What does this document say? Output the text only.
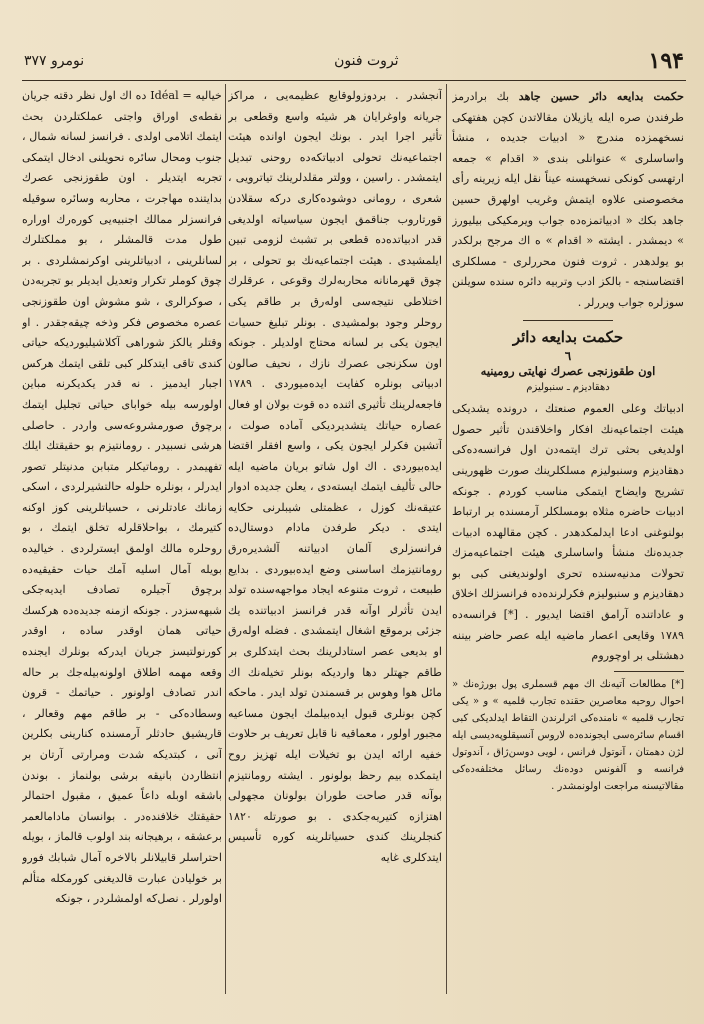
۱۹۴
ثروت فنون
نومرو ۳۷۷

حکمت بدایعه دائر حسین جاهد بك برادرمز طرفندن صره ایله یازیلان مقالاتدن کچن هفتهکی نسخهمزده مندرج « ادبیات جدیده ، منشأ واساسلری » عنوانلی بندی « اقدام » جمعه ارتهسی کونکی نسخهسنه عیناً نقل ایله زیرینه رأی مخصوصنی علاوه ایتمش وغریب اولهرق حسین جاهد بکك « ادبیاتمزه‌ده جواب ویرمکیکی بیلیورز » دیمشدر . ایشته « اقدام » ه اك مرجح برلکدر بو یولدهدر . ثروت فنون محررلری - مسلکلری اقتضاسنجه - بالکز ادب وتربیه دائره سنده سویلنن سوزلره جواب ویررلر .

حکمت بدایعه دائر
٦
اون طقوزنجی عصرك نهایتی رومینیه
دهقادیزم ـ سنبولیزم

ادبیاتك وعلی العموم صنعتك ، درونده یشدیکی هیئت اجتماعیه‌نك افکار واخلاقندن تأثیر حصول اولدیغی بحثی ترك ایتمه‌دن اول فرانسه‌ده‌کی دهقادیزم وسنبولیزم مسلکلرینك صورت ظهورینی تشریح وایضاح ایتمکی مناسب کوردم . جونکه ادبیات حاضره مثلاه بومسلکلر آرمسنده بر ارتباط بولنوغنی ادعا ایدلمکدهدر . کچن مقالهده ادبیات جدیده‌نك منشأ واساسلری هیئت اجتماعیه‌مزك تحولات مدنیه‌سنده تحری اولوندیغنی کبی بو دهقادیزم و سنبولیزم فکرلرنده‌ده فرانسزلك اخلاق و عاداتنده آرامق اقتضا ایدیور . [*] فرانسه‌ده ۱۷۸۹ وقایعی اعصار ماضیه ایله عصر حاضر بیننه دهشتلی بر اوچوروم

[*] مطالعات آتیه‌نك اك مهم قسملری پول بورژه‌نك « احوال روحیه معاصرین حقنده تجارب قلمیه » و « یکی تجارب قلمیه » نامنده‌کی اثرلرندن التقاط ایدلدیکی کبی اقسام سائره‌سی ایجونده‌ده لاروس آنسیقلوپه‌دیسی ایله لژن دهمتان ، آنوتول فرانس ، لویی دوسن‌ژاق ، آندوتول فرانسه و آلفونس دوده‌نك رسائل مختلفه‌ده‌کی مقالاتیسنه مراجعت اولونمشدر .

آنجشدر . بردوزولوقایع عظیمه‌یی ، مراکز جریانه واوغرایان هر شیئه واسع وقطعی بر تأثیر اجرا ایدر . بونك ایجون اوانده هیئت اجتماعیه‌نك تحولی ادبیاتکه‌ده روحنی تبدیل ایتمشدر . راسین ، وولتر مقلدلرینك تیاترویی ، شعری ، رومانی دوشوده‌کاری درکه سقلادن قورتاروب جناقمق ایجون سیاسیاته اولدیغی قدر ادبیاتده‌ده قطعی بر تشبث لزومی تبین ایلمشیدی . هیئت اجتماعیه‌نك بو تحولی ، بر چوق قهرمانانه محاربه‌لرك وقوعی ، عرقلرك اختلاطی نتیجه‌سی اوله‌رق بر طاقم یکی روحلر وجود بولمشیدی . بونلر تبلیغ حسیات ایجون یکی بر لسانه محتاج اولدیلر . جونکه اون سکزنجی عصرك نازك ، نحیف صالون ادبیاتی بونلره کفایت ایده‌میوردی . ۱۷۸۹ فاجعه‌لرینك تأثیری اثنده ده قوت بولان او فعال عصاره حیاتك یتشدیردیکی آماده صولت ، آتشین فکرلر ایجون یکی ، واسع افقلر اقتضا ایده‌بیوردی . اك اول شاتو بریان ماضیه ایله حالی تألیف ایتمك ایسته‌دی ، یعلن جدیده ادوار عتیقه‌نك کوزل ، عظمتلی شیبلرنی حکایه ایتدی . دیکر طرفدن مادام دوستال‌ده فرانسزلری آلمان ادبیاتنه آلشدیره‌رق رومانتیزمك اساسنی وضع ایده‌بیوردی . بدایع طبیعت ، ثروت متنوعه ایجاد مواجهه‌سنده تولد ایدن تأثرلر اوآنه قدر فرانسز ادبیاتنده یك جزئی برموقع اشغال ایتمشدی . فضله اوله‌رق او بدیعی عصر استادلرینك بحث ایتدکلری بر طاقم جهتلر دها واردیکه بونلر تخیله‌نك اك مائل هوا وهوس بر قسمندن تولد ایدر . ماحکه کچن بونلری قبول ایده‌بیلمك ایجون مساعیه مجبور اولور ، معماقیه نا قابل تعریف بر حلاوت خفیه ارائه ایدن بو تخیلات ایله تهزیز روح ایتمکده بیم رحظ بولونور . ایشته رومانتیزم بوآنه قدر صاحت طوران بولونان مجهولی اهتزازه کتیریه‌جکدی . بو صورتله ۱۸۲۰ کنجلرینك کندی حسیاتلرینه کوره تأسیس ایتدکلری غایه

خیالیه = Idéal ده اك اول نظر دقته جریان نقطه‌ی اوراق واجتی عملکتلردن بحث ایتمك اتلامی اولدی . فرانسز لسانه شمال ، جنوب ومحال سائره نحویلنی ادخال ایتمکی تجربه ایتدیلر . اون طقوزنجی عصرك بدایتنده مهاجرت ، محاربه وسائره سوقیله فرانسزلر ممالك اجنبیه‌یی کوره‌رك اوراره طول مدت قالمشلر ، بو مملکتلرك لسانلرینی ، ادبیاتلرینی اوکرنمشلردی . بر چوق کوملر تکرار وتعدیل ایدیلر بو تجربه‌دن ، صوکرالری ، شو مشوش اون طقوزنجی عصره مخصوص فکر وذخه چیقه‌جقدر . او وقتلر یالکز شوراهی آکلاشیلیوردیکه حیاتی کندی تاقی ایتدکلر کبی تلقی ایتمك هرکس اجبار ایدمیز . نه قدر یکدیکرنه مباین اولورسه بیله خوابای حیاتی تجلیل ایتمك برچوق صورمشروعه‌سی واردر . حاصلی هرشی نسبیدر . رومانتیزم بو حقیقتك ایلك تفهیمدر . روماتیکلر متبابن مدنیتلر تصور ایدرلر ، بونلره حلوله حالتشیرلردی ، اسکی زمانك عادتلرنی ، حسیاتلرینی کوز اوکنه کتیرمك ، بواحلاقلرله تخلق ایتمك ، بو روحلره مالك اولمق ایسترلردی . خیالیده بویله آمال اسلیه آمك حیات حقیقیه‌ده برچوق آجیلره تصادف ایدیه‌جکی شبهه‌سزدر . جونکه ازمنه جدیده‌ده هرکسك حیاتی همان اوقدر ساده ، اوقدر کورنولتیسز جریان ایدرکه بونلرك ایجنده وقعه مهمه اطلاق اولونه‌بیله‌جك بر حاله اندر تصادف اولونور . حیاتمك - قرون وسطاده‌کی - بر طاقم مهم وقعالر ، قاریشیق حادثلر آرمسنده کنارینی بکلرین آنی ، کبتدیکه شدت ومرارتی آرتان بر انتظاردن بانیقه برشی بولنماز . بوندن باشقه اوبله داعاً عمیق ، مقبول احتمالر حقیقتك خلافنده‌در . بوانسان مادامالعمر برعشقه ، برهیجانه بند اولوب قالماز ، بویله احتراسلر قابیلانلر بالاخره آمال شبابك فورو بر خولیادن عبارت قالدیغنی کورمکله متألم اولورلر . نصل‌که اولمشلردر ، جونکه
